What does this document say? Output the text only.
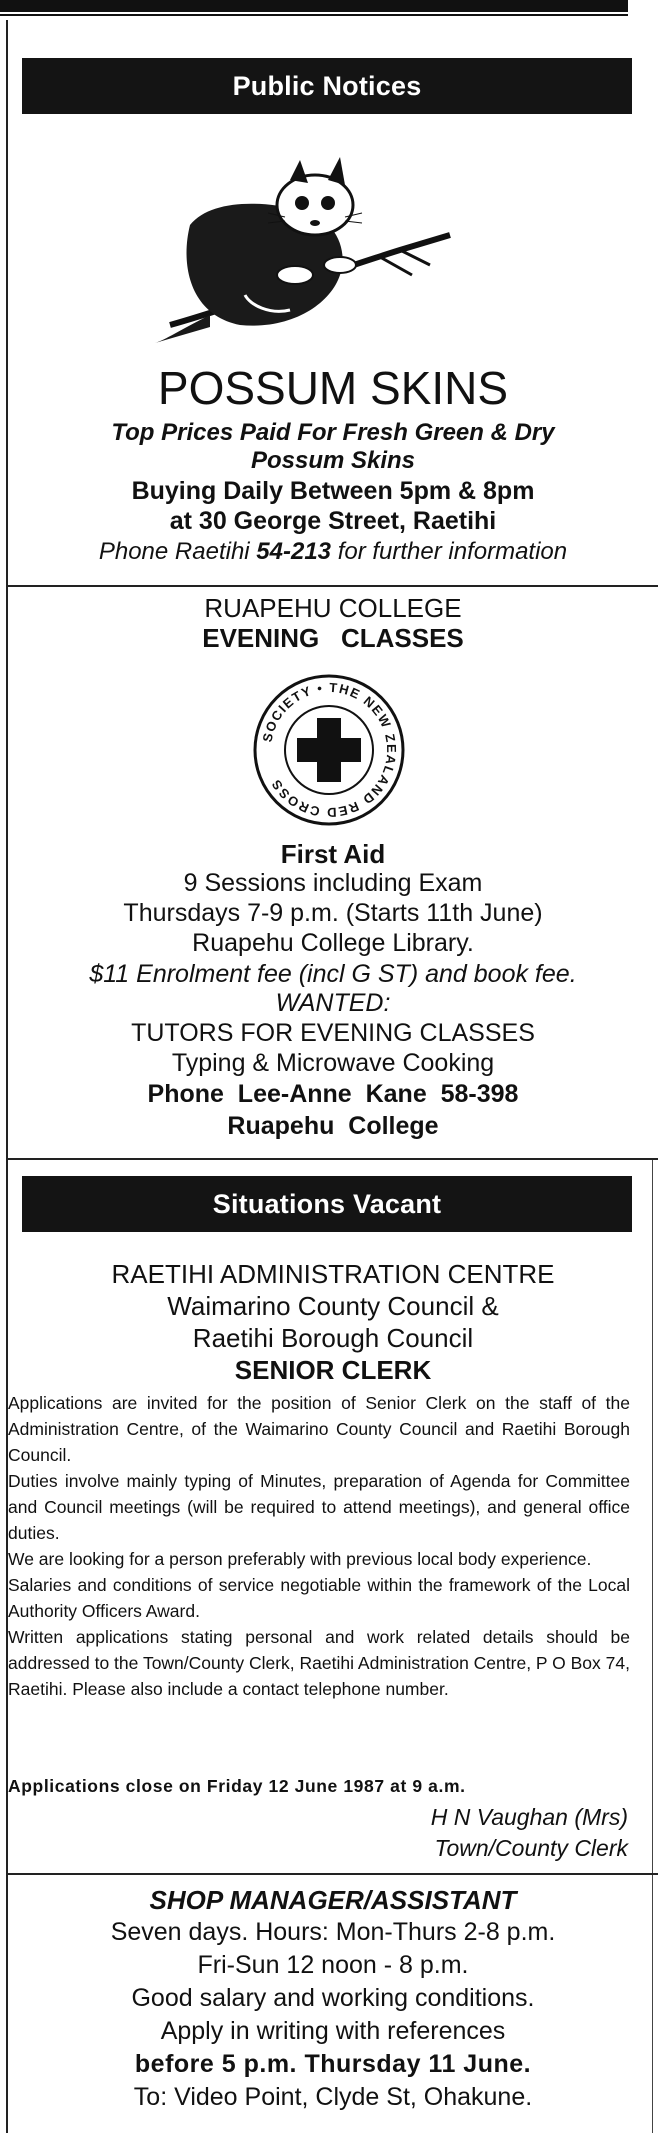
Public Notices
POSSUM SKINS
Top Prices Paid For Fresh Green & Dry
Possum Skins
Buying Daily Between 5pm & 8pm
at 30 George Street, Raetihi
Phone Raetihi 54-213 for further information
RUAPEHU COLLEGE
EVENING   CLASSES
SOCIETY • THE NEW ZEALAND RED CROSS
First Aid
9 Sessions including Exam
Thursdays 7-9 p.m. (Starts 11th June)
Ruapehu College Library.
$11 Enrolment fee (incl G ST) and book fee.
WANTED:
TUTORS FOR EVENING CLASSES
Typing & Microwave Cooking
Phone  Lee-Anne  Kane  58-398
Ruapehu  College
Situations Vacant
RAETIHI ADMINISTRATION CENTRE
Waimarino County Council &
Raetihi Borough Council
SENIOR CLERK

Applications are invited for the position of Senior Clerk on the staff of the Administration Centre, of the Waimarino County Council and Raetihi Borough Council.

Duties involve mainly typing of Minutes, preparation of Agenda for Committee and Council meetings (will be required to attend meetings), and general office duties.

We are looking for a person preferably with previous local body experience.

Salaries and conditions of service negotiable within the framework of the Local Authority Officers Award.

Written applications stating personal and work related details should be addressed to the Town/County Clerk, Raetihi Administration Centre, P O Box 74, Raetihi. Please also include a contact telephone number.

Applications close on Friday 12 June 1987 at 9 a.m.
H N Vaughan (Mrs)
Town/County Clerk
SHOP MANAGER/ASSISTANT
Seven days. Hours: Mon-Thurs 2-8 p.m.
Fri-Sun 12 noon - 8 p.m.
Good salary and working conditions.
Apply in writing with references
before 5 p.m. Thursday 11 June.
To: Video Point, Clyde St, Ohakune.
